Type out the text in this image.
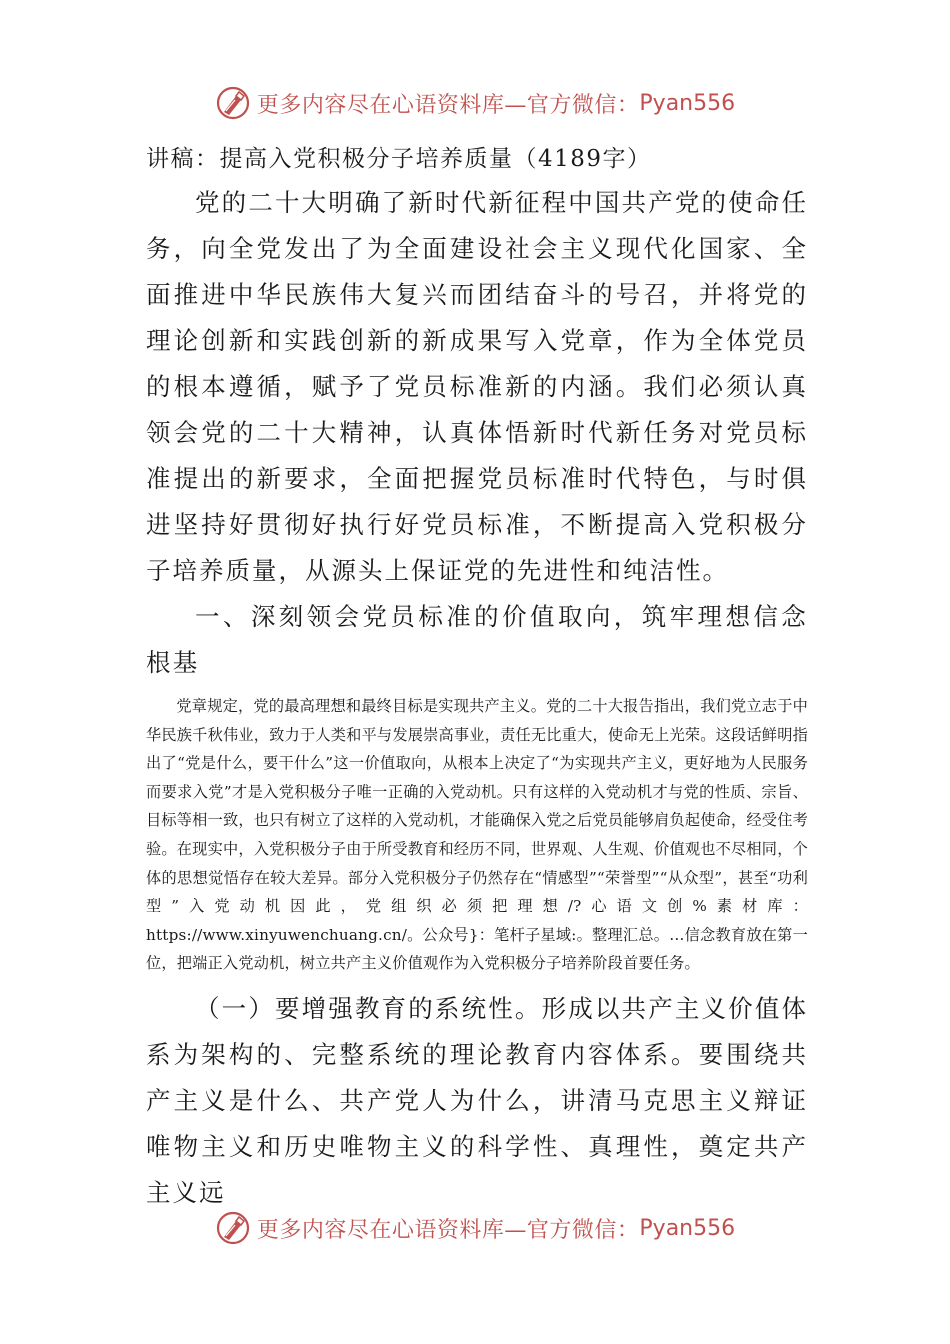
更多内容尽在心语资料库—官方微信： Pyan556

讲稿：提高入党积极分子培养质量（4189字）

党的二十大明确了新时代新征程中国共产党的使命任务，向全党发出了为全面建设社会主义现代化国家、全面推进中华民族伟大复兴而团结奋斗的号召，并将党的理论创新和实践创新的新成果写入党章，作为全体党员的根本遵循，赋予了党员标准新的内涵。我们必须认真领会党的二十大精神，认真体悟新时代新任务对党员标准提出的新要求，全面把握党员标准时代特色，与时俱进坚持好贯彻好执行好党员标准，不断提高入党积极分子培养质量，从源头上保证党的先进性和纯洁性。

一、深刻领会党员标准的价值取向，筑牢理想信念根基

党章规定，党的最高理想和最终目标是实现共产主义。党的二十大报告指出，我们党立志于中华民族千秋伟业，致力于人类和平与发展崇高事业，责任无比重大，使命无上光荣。这段话鲜明指出了“党是什么，要干什么”这一价值取向，从根本上决定了“为实现共产主义，更好地为人民服务而要求入党”才是入党积极分子唯一正确的入党动机。只有这样的入党动机才与党的性质、宗旨、目标等相一致，也只有树立了这样的入党动机，才能确保入党之后党员能够肩负起使命，经受住考验。在现实中，入党积极分子由于所受教育和经历不同，世界观、人生观、价值观也不尽相同，个体的思想觉悟存在较大差异。部分入党积极分子仍然存在“情感型”“荣誉型”“从众型”，甚至“功利型”入党动机因此，党组织必须把理想/?心语文创%素材库：https://www.xinyuwenchuang.cn/。公众号}：笔杆子星域:。整理汇总。…信念教育放在第一位，把端正入党动机，树立共产主义价值观作为入党积极分子培养阶段首要任务。

（一）要增强教育的系统性。形成以共产主义价值体系为架构的、完整系统的理论教育内容体系。要围绕共产主义是什么、共产党人为什么，讲清马克思主义辩证唯物主义和历史唯物主义的科学性、真理性，奠定共产主义远

更多内容尽在心语资料库—官方微信： Pyan556
